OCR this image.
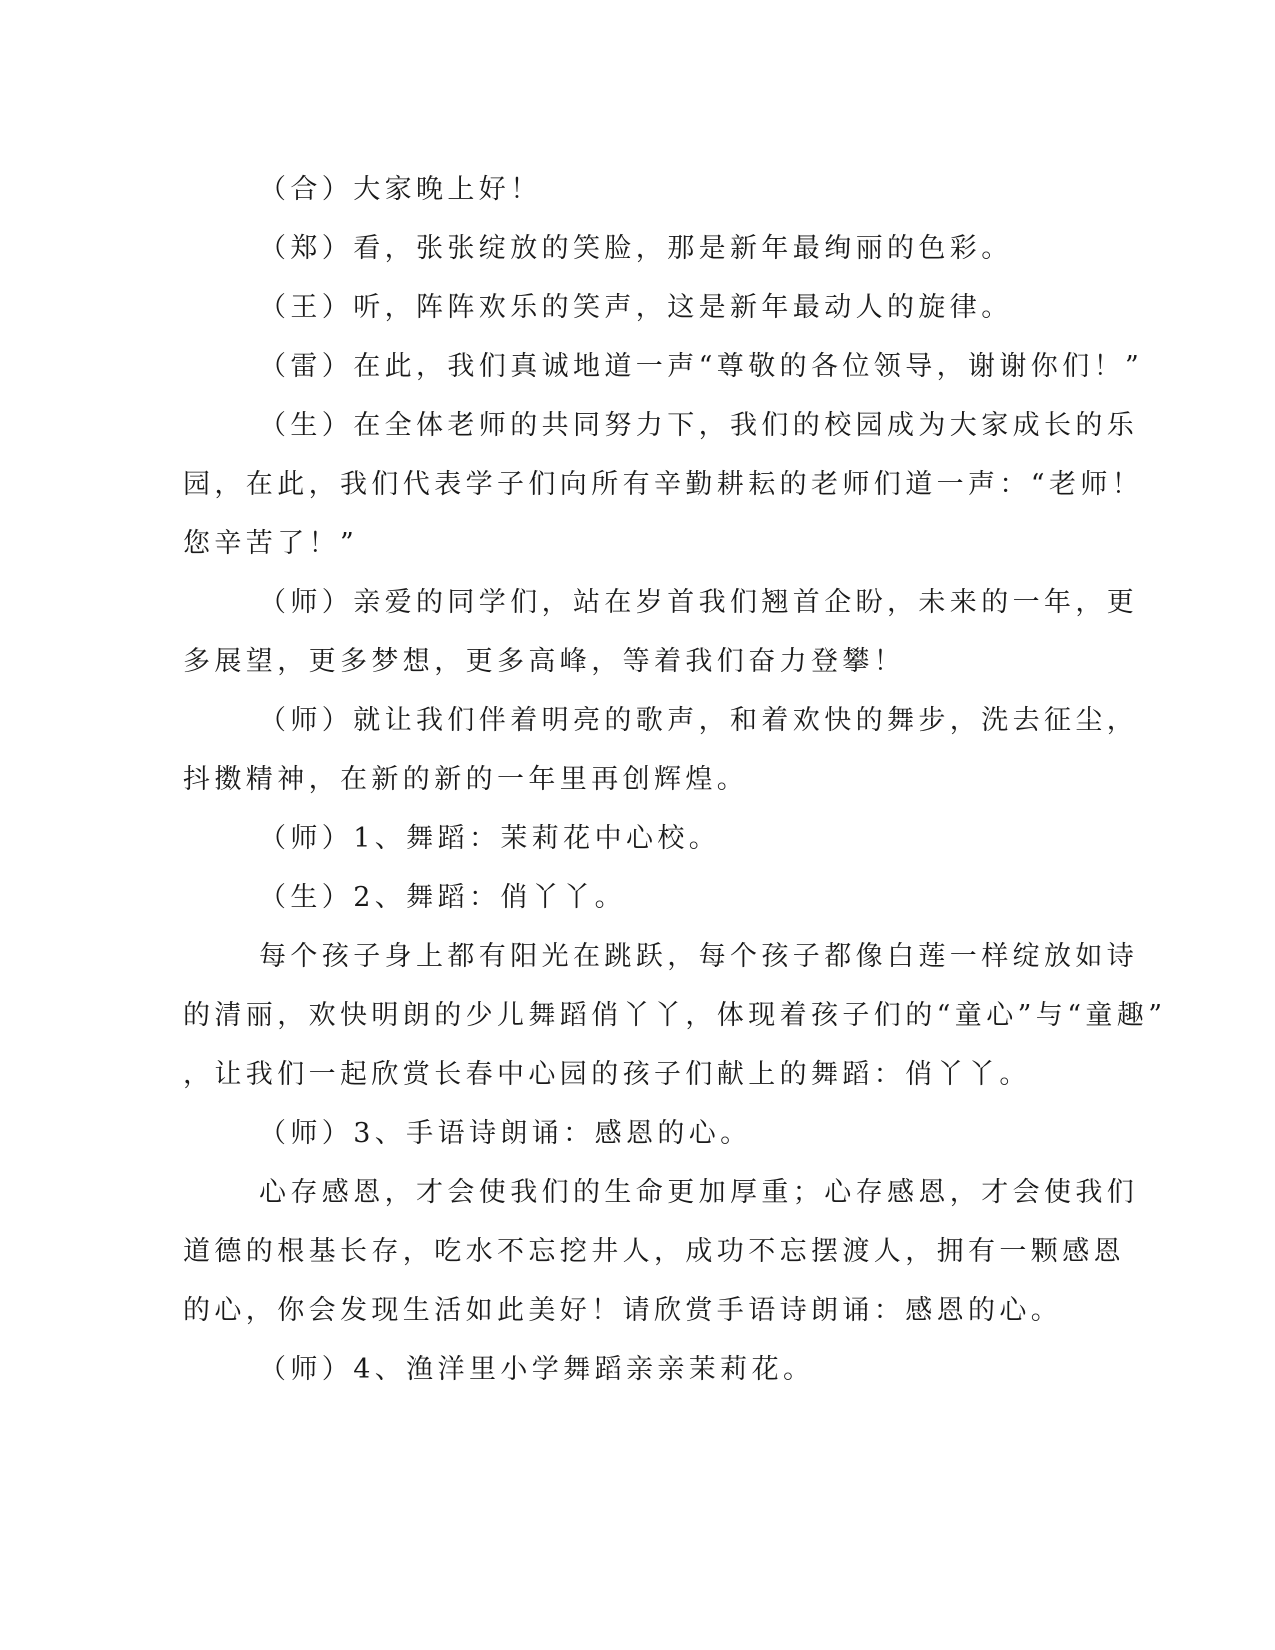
（合）大家晚上好！
（郑）看，张张绽放的笑脸，那是新年最绚丽的色彩。
（王）听，阵阵欢乐的笑声，这是新年最动人的旋律。
（雷）在此，我们真诚地道一声“尊敬的各位领导，谢谢你们！”
（生）在全体老师的共同努力下，我们的校园成为大家成长的乐
园，在此，我们代表学子们向所有辛勤耕耘的老师们道一声：“老师！
您辛苦了！”
（师）亲爱的同学们，站在岁首我们翘首企盼，未来的一年，更
多展望，更多梦想，更多高峰，等着我们奋力登攀！
（师）就让我们伴着明亮的歌声，和着欢快的舞步，洗去征尘，
抖擞精神，在新的新的一年里再创辉煌。
（师）1、舞蹈：茉莉花中心校。
（生）2、舞蹈：俏丫丫。
每个孩子身上都有阳光在跳跃，每个孩子都像白莲一样绽放如诗
的清丽，欢快明朗的少儿舞蹈俏丫丫，体现着孩子们的“童心”与“童趣”
，让我们一起欣赏长春中心园的孩子们献上的舞蹈：俏丫丫。
（师）3、手语诗朗诵：感恩的心。
心存感恩，才会使我们的生命更加厚重；心存感恩，才会使我们
道德的根基长存，吃水不忘挖井人，成功不忘摆渡人，拥有一颗感恩
的心，你会发现生活如此美好！请欣赏手语诗朗诵：感恩的心。
（师）4、渔洋里小学舞蹈亲亲茉莉花。
